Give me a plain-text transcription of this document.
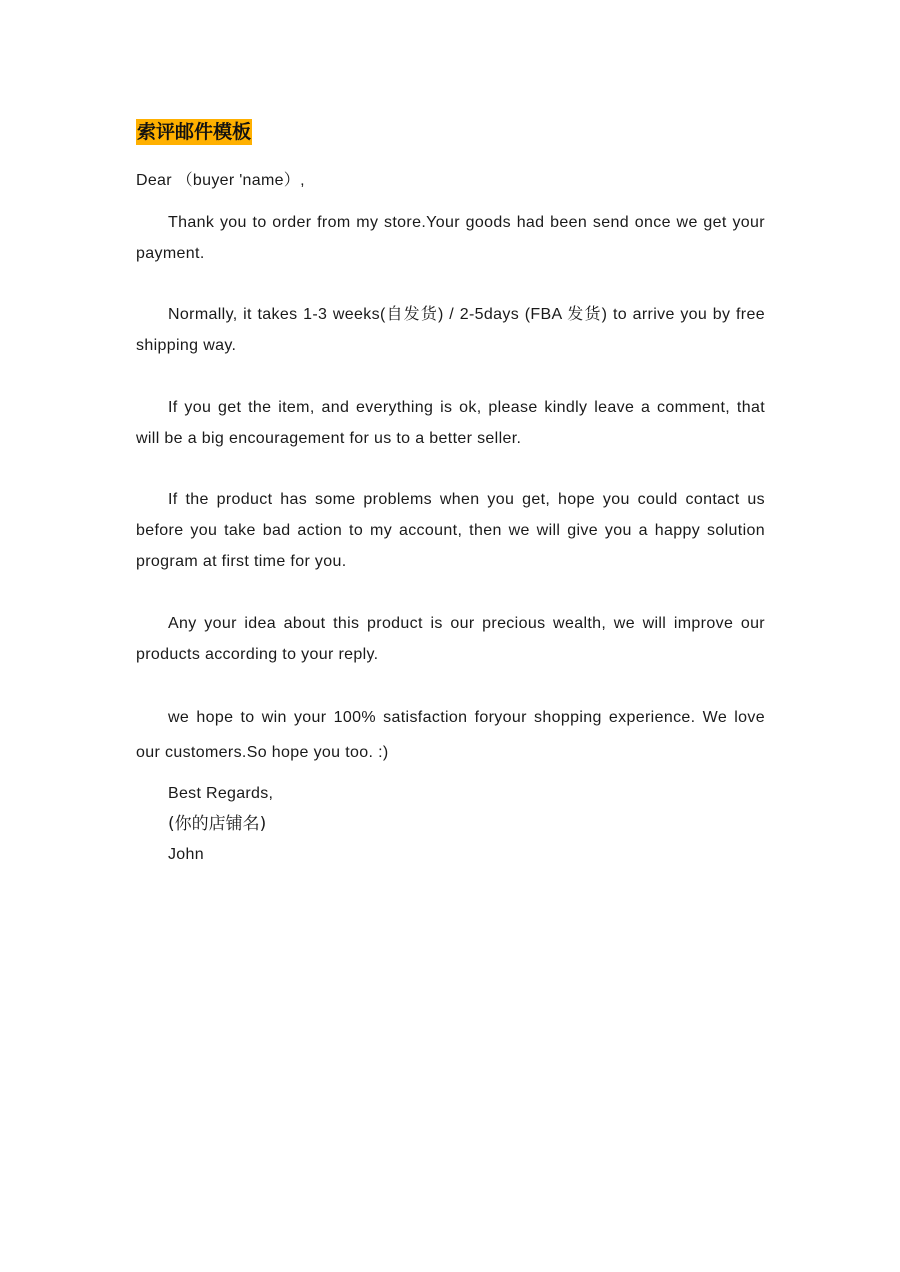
索评邮件模板
Dear （buyer 'name）,
Thank you to order from my store.Your goods had been send once we get your payment.
Normally, it takes 1-3 weeks(自发货) / 2-5days (FBA 发货) to arrive you by free shipping way.
If you get the item, and everything is ok, please kindly leave a comment, that will be a big encouragement for us to a better seller.
If the product has some problems when you get, hope you could contact us before you take bad action to my account, then we will give you a happy solution program at first time for you.
Any your idea about this product is our precious wealth, we will improve our products according to your reply.
we hope to win your 100% satisfaction foryour shopping experience. We love our customers.So hope you too. :)
Best Regards,
(你的店铺名)
John
